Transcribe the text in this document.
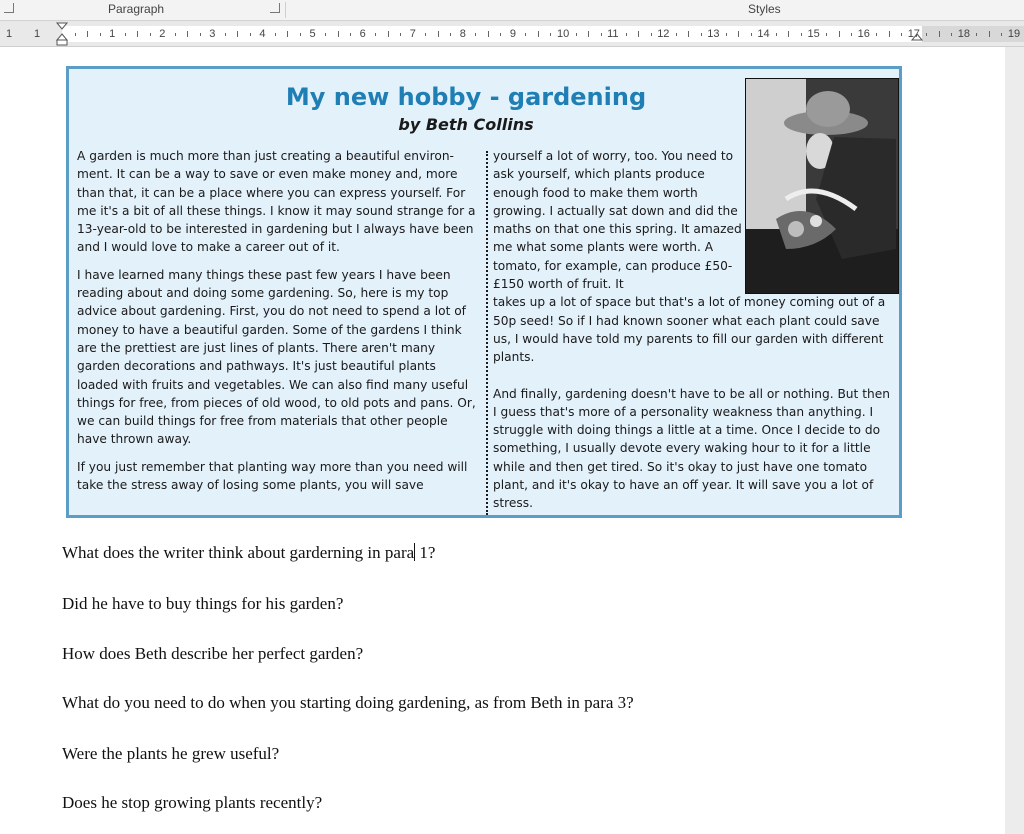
Paragraph	Styles
1 1	1	2	3	4	5	6	7	8	9	10	11	12	13	14	15	16	17	18	19
My new hobby - gardening
by Beth Collins

A garden is much more than just creating a beautiful environ-ment. It can be a way to save or even make money and, more than that, it can be a place where you can express yourself. For me it's a bit of all these things. I know it may sound strange for a 13-year-old to be interested in gardening but I always have been and I would love to make a career out of it.

I have learned many things these past few years I have been reading about and doing some gardening. So, here is my top advice about gardening. First, you do not need to spend a lot of money to have a beautiful garden. Some of the gardens I think are the prettiest are just lines of plants. There aren't many garden decorations and pathways. It's just beautiful plants loaded with fruits and vegetables. We can also find many useful things for free, from pieces of old wood, to old pots and pans. Or, we can build things for free from materials that other people have thrown away.

If you just remember that planting way more than you need will take the stress away of losing some plants, you will save

yourself a lot of worry, too. You need to ask yourself, which plants produce enough food to make them worth growing. I actually sat down and did the maths on that one this spring. It amazed me what some plants were worth. A tomato, for example, can produce £50-£150 worth of fruit. It

takes up a lot of space but that's a lot of money coming out of a 50p seed! So if I had known sooner what each plant could save us, I would have told my parents to fill our garden with different plants.

And finally, gardening doesn't have to be all or nothing. But then I guess that's more of a personality weakness than anything. I struggle with doing things a little at a time. Once I decide to do something, I usually devote every waking hour to it for a little while and then get tired. So it's okay to just have one tomato plant, and it's okay to have an off year. It will save you a lot of stress.

What does the writer think about garderning in para 1?
Did he have to buy things for his garden?
How does Beth describe her perfect garden?
What do you need to do when you starting doing gardening, as from Beth in para 3?
Were the plants he grew useful?
Does he stop growing plants recently?
